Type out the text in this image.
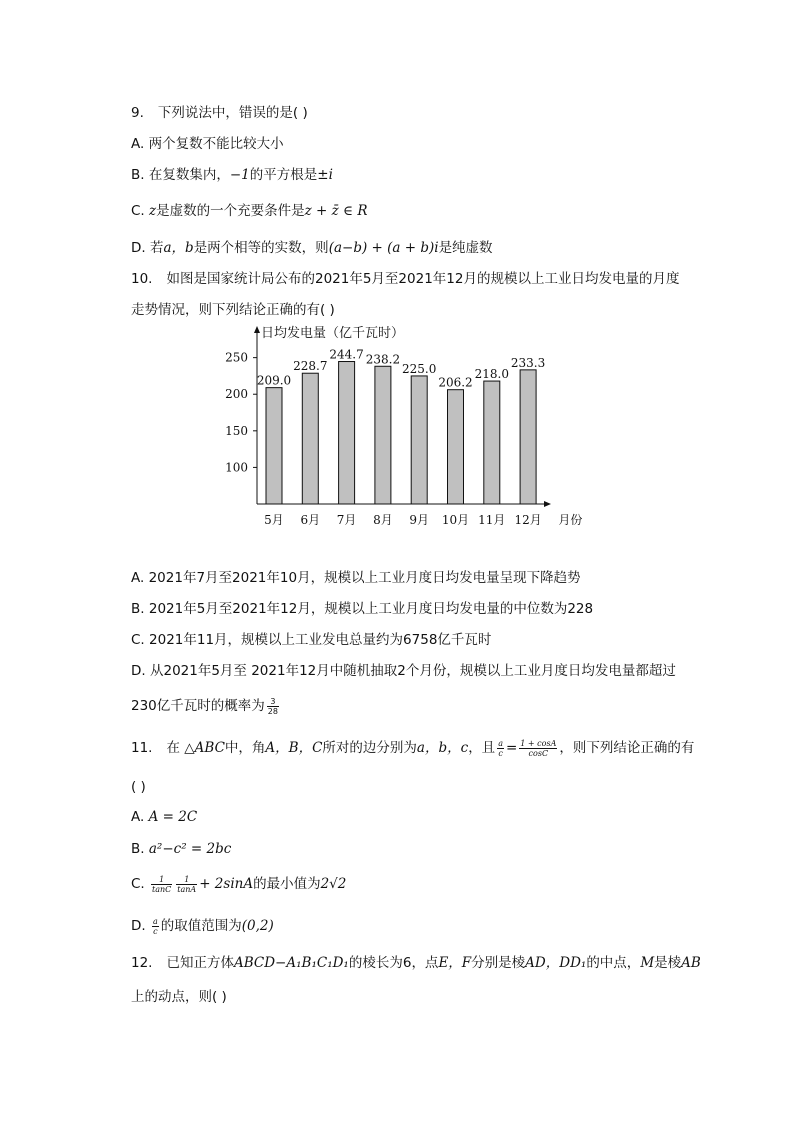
9. 下列说法中，错误的是( )
A. 两个复数不能比较大小
B. 在复数集内，−1的平方根是±i
C. z是虚数的一个充要条件是z + z̄ ∈ R
D. 若a，b是两个相等的实数，则(a−b) + (a + b)i是纯虚数
10. 如图是国家统计局公布的2021年5月至2021年12月的规模以上工业日均发电量的月度
走势情况，则下列结论正确的有( )
日均发电量（亿千瓦时）
100
150
200
250
209.0
5月
228.7
6月
244.7
7月
238.2
8月
225.0
9月
206.2
10月
218.0
11月
233.3
12月 月份
A. 2021年7月至2021年10月，规模以上工业月度日均发电量呈现下降趋势
B. 2021年5月至2021年12月，规模以上工业月度日均发电量的中位数为228
C. 2021年11月，规模以上工业发电总量约为6758亿千瓦时
D. 从2021年5月至 2021年12月中随机抽取2个月份，规模以上工业月度日均发电量都超过
230亿千瓦时的概率为 $\frac{3}{28}$
11. 在 △ABC中，角A，B，C所对的边分别为a，b，c，且 $\frac{a}{c} = \frac{1 + \cos A}{\cos C}$ ，则下列结论正确的有
( )
A. A = 2C
B. a²−c² = 2bc
C. $\frac{1}{\tan C} \frac{1}{\tan A} + 2\sin A$的最小值为2√2
D. $\frac{a}{c}$ 的取值范围为(0,2)
12. 已知正方体ABCD−A₁B₁C₁D₁的棱长为6，点E，F分别是棱AD，DD₁的中点，M是棱AB
上的动点，则( )
